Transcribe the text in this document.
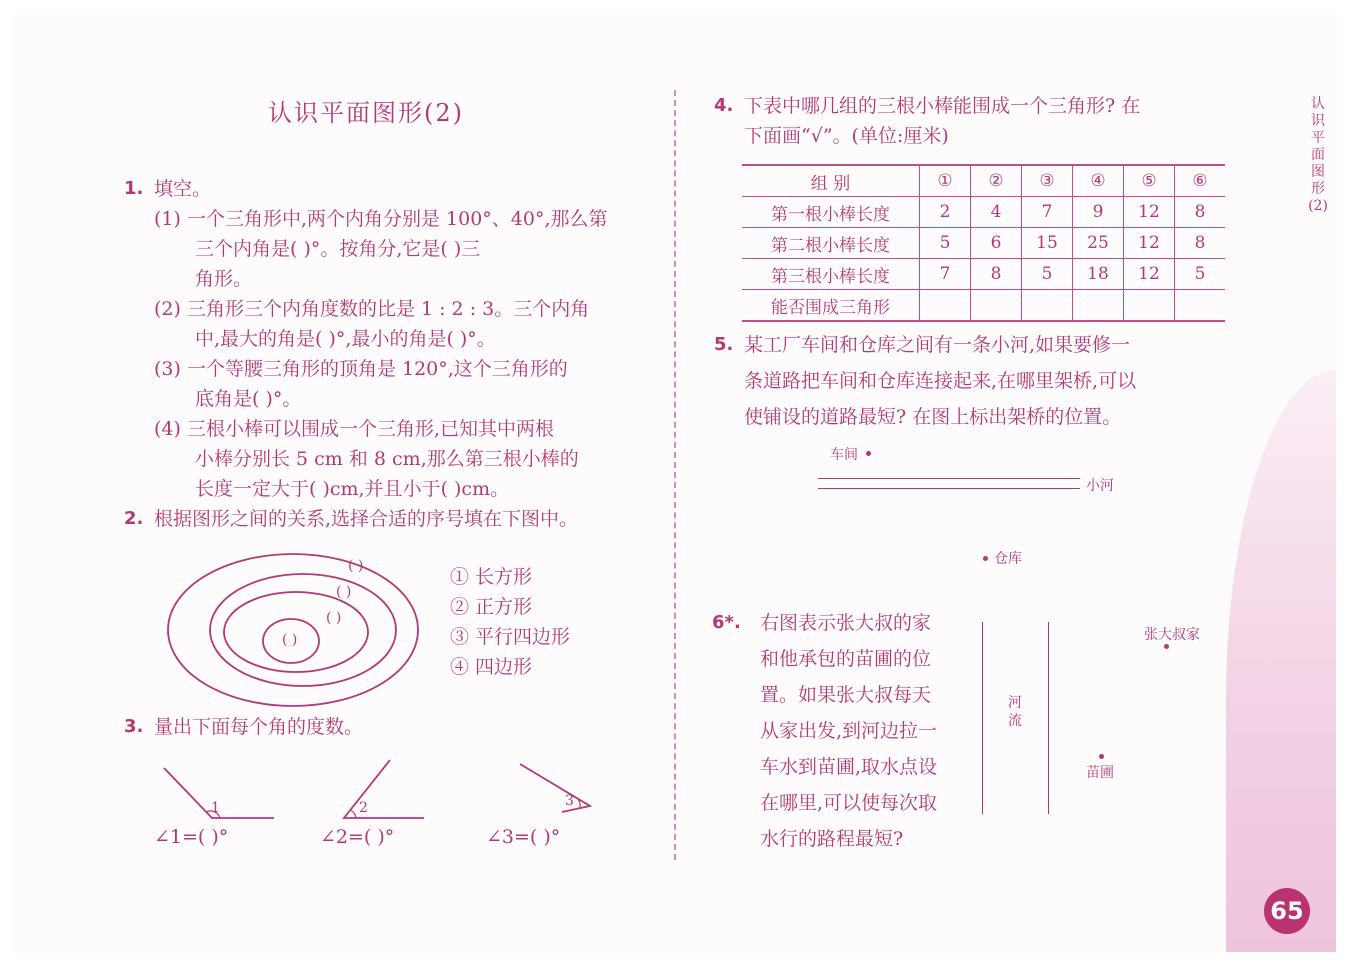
认识平面图形(2)
1. 填空。
(1) 一个三角形中,两个内角分别是 100°、40°,那么第
三个内角是( )°。按角分,它是( )三
角形。
(2) 三角形三个内角度数的比是 1 : 2 : 3。三个内角
中,最大的角是( )°,最小的角是( )°。
(3) 一个等腰三角形的顶角是 120°,这个三角形的
底角是( )°。
(4) 三根小棒可以围成一个三角形,已知其中两根
小棒分别长 5 cm 和 8 cm,那么第三根小棒的
长度一定大于( )cm,并且小于( )cm。
2. 根据图形之间的关系,选择合适的序号填在下图中。
( )
( )
( )
( )
① 长方形
② 正方形
③ 平行四边形
④ 四边形
3. 量出下面每个角的度数。
1	2	3
∠1=( )°	∠2=( )°	∠3=( )°
4. 下表中哪几组的三根小棒能围成一个三角形? 在
下面画“√”。(单位:厘米)
组 别	①	②	③	④	⑤	⑥
第一根小棒长度	2	4	7	9	12	8
第二根小棒长度	5	6	15	25	12	8
第三根小棒长度	7	8	5	18	12	5
能否围成三角形						
5. 某工厂车间和仓库之间有一条小河,如果要修一
条道路把车间和仓库连接起来,在哪里架桥,可以
使铺设的道路最短? 在图上标出架桥的位置。
车间
小河
仓库
6*. 右图表示张大叔的家
和他承包的苗圃的位
置。如果张大叔每天
从家出发,到河边拉一
车水到苗圃,取水点设
在哪里,可以使每次取
水行的路程最短?
河流
张大叔家
苗圃
认识平面图形(2)
65
